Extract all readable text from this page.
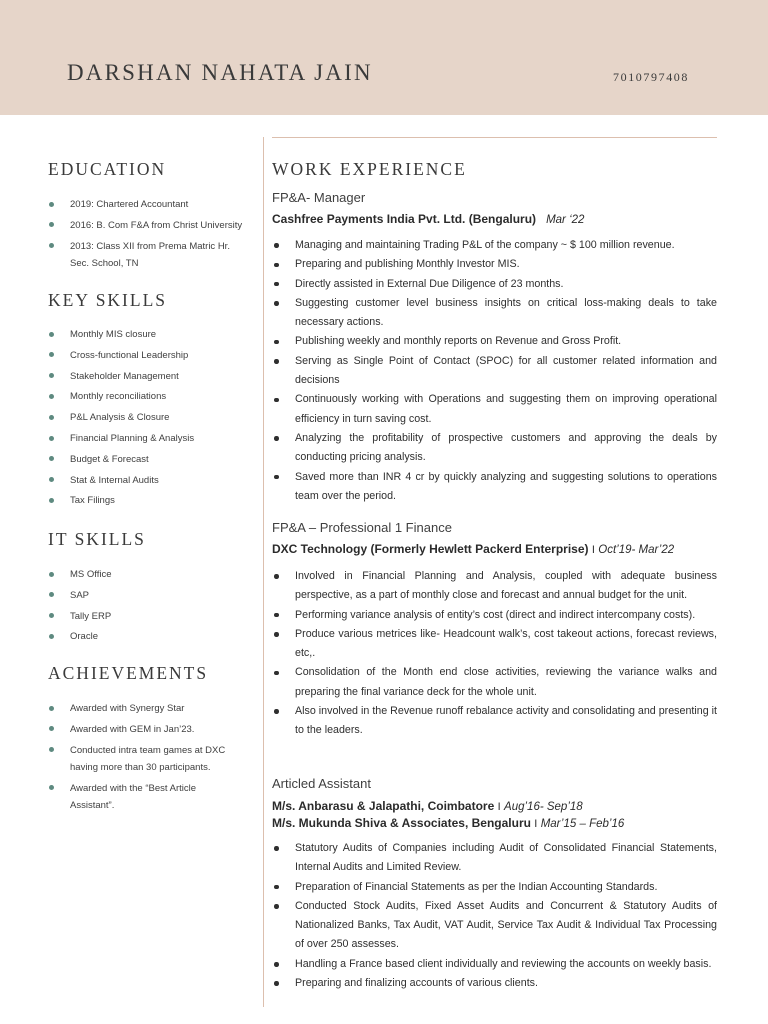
DARSHAN NAHATA JAIN	7010797408
EDUCATION
2019: Chartered Accountant
2016: B. Com F&A from Christ University
2013: Class XII from Prema Matric Hr. Sec. School, TN
KEY SKILLS
Monthly MIS closure
Cross-functional Leadership
Stakeholder Management
Monthly reconciliations
P&L Analysis & Closure
Financial Planning & Analysis
Budget & Forecast
Stat & Internal Audits
Tax Filings
IT SKILLS
MS Office
SAP
Tally ERP
Oracle
ACHIEVEMENTS
Awarded with Synergy Star
Awarded with GEM in Jan’23.
Conducted intra team games at DXC having more than 30 participants.
Awarded with the “Best Article Assistant”.
WORK EXPERIENCE
FP&A- Manager
Cashfree Payments India Pvt. Ltd. (Bengaluru) Mar ‘22
Managing and maintaining Trading P&L of the company ~ $ 100 million revenue.
Preparing and publishing Monthly Investor MIS.
Directly assisted in External Due Diligence of 23 months.
Suggesting customer level business insights on critical loss-making deals to take necessary actions.
Publishing weekly and monthly reports on Revenue and Gross Profit.
Serving as Single Point of Contact (SPOC) for all customer related information and decisions
Continuously working with Operations and suggesting them on improving operational efficiency in turn saving cost.
Analyzing the profitability of prospective customers and approving the deals by conducting pricing analysis.
Saved more than INR 4 cr by quickly analyzing and suggesting solutions to operations team over the period.
FP&A – Professional 1 Finance
DXC Technology (Formerly Hewlett Packerd Enterprise) I Oct’19- Mar’22
Involved in Financial Planning and Analysis, coupled with adequate business perspective, as a part of monthly close and forecast and annual budget for the unit.
Performing variance analysis of entity’s cost (direct and indirect intercompany costs).
Produce various metrices like- Headcount walk’s, cost takeout actions, forecast reviews, etc,.
Consolidation of the Month end close activities, reviewing the variance walks and preparing the final variance deck for the whole unit.
Also involved in the Revenue runoff rebalance activity and consolidating and presenting it to the leaders.
Articled Assistant
M/s. Anbarasu & Jalapathi, Coimbatore I Aug’16- Sep’18
M/s. Mukunda Shiva & Associates, Bengaluru I Mar’15 – Feb’16
Statutory Audits of Companies including Audit of Consolidated Financial Statements, Internal Audits and Limited Review.
Preparation of Financial Statements as per the Indian Accounting Standards.
Conducted Stock Audits, Fixed Asset Audits and Concurrent & Statutory Audits of Nationalized Banks, Tax Audit, VAT Audit, Service Tax Audit & Individual Tax Processing of over 250 assesses.
Handling a France based client individually and reviewing the accounts on weekly basis.
Preparing and finalizing accounts of various clients.
